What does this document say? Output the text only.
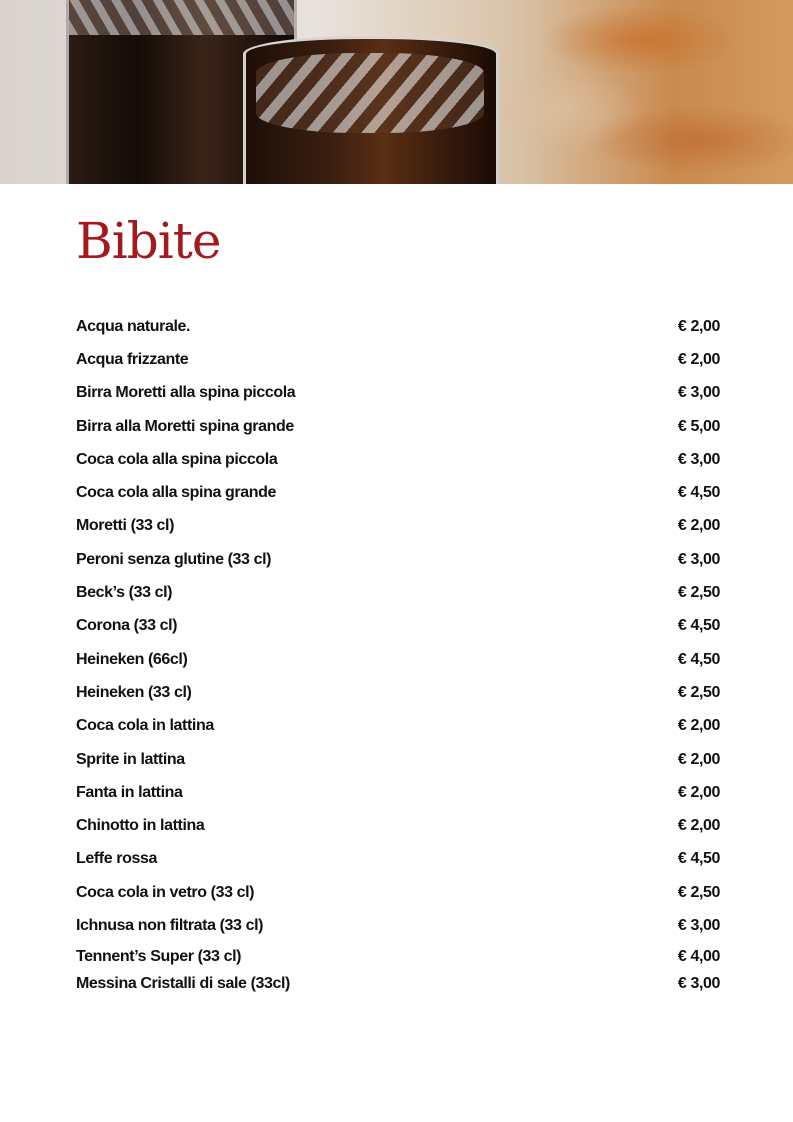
Bibite
Acqua naturale.	€ 2,00
Acqua frizzante	€ 2,00
Birra Moretti alla spina piccola	€ 3,00
Birra alla Moretti spina grande	€ 5,00
Coca cola alla spina piccola	€ 3,00
Coca cola alla spina grande	€ 4,50
Moretti (33 cl)	€ 2,00
Peroni senza glutine (33 cl)	€ 3,00
Beck’s (33 cl)	€ 2,50
Corona (33 cl)	€ 4,50
Heineken (66cl)	€ 4,50
Heineken (33 cl)	€ 2,50
Coca cola in lattina	€ 2,00
Sprite in lattina	€ 2,00
Fanta in lattina	€ 2,00
Chinotto in lattina	€ 2,00
Leffe rossa	€ 4,50
Coca cola in vetro (33 cl)	€ 2,50
Ichnusa non filtrata (33 cl)	€ 3,00
Tennent’s Super (33 cl)	€ 4,00
Messina Cristalli di sale (33cl)	€ 3,00
